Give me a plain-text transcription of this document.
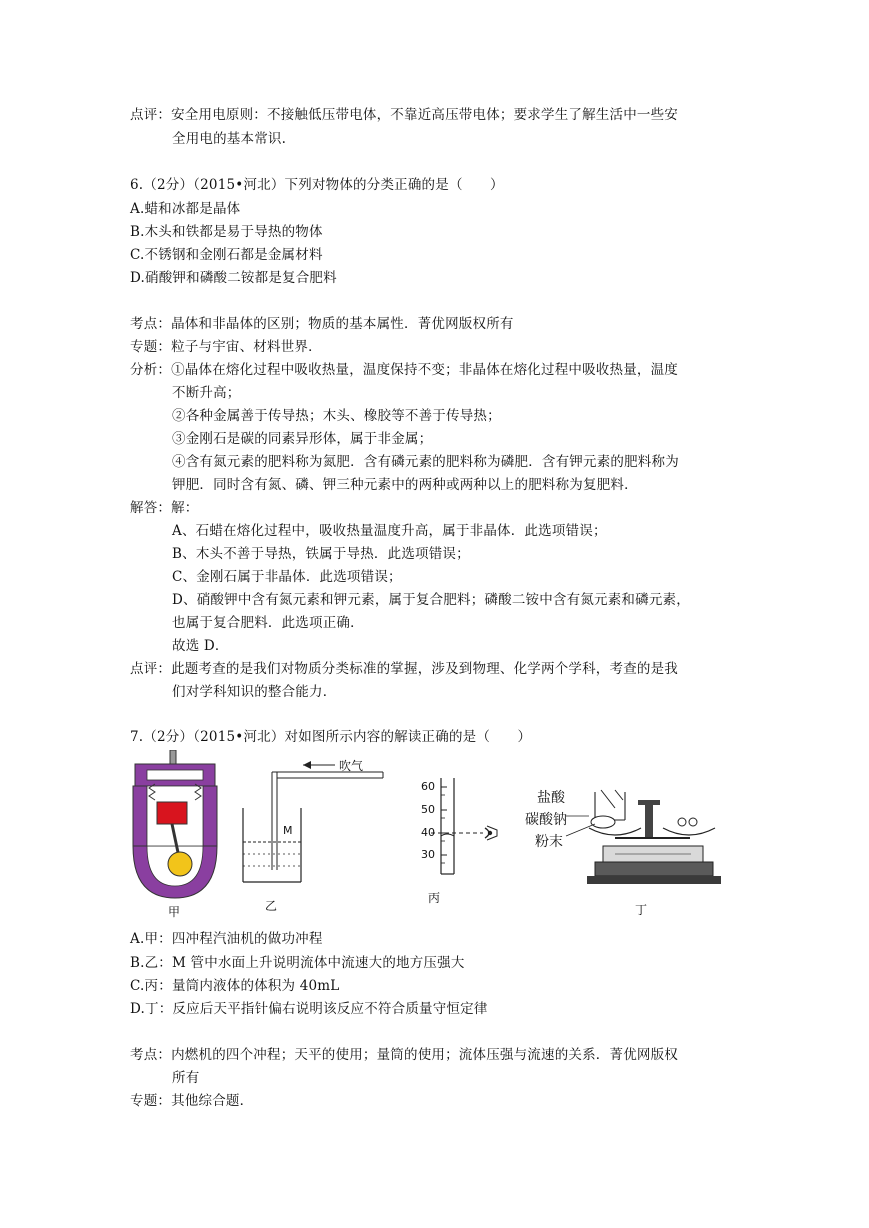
点评：安全用电原则：不接触低压带电体，不靠近高压带电体；要求学生了解生活中一些安
全用电的基本常识.
6.（2分）（2015•河北）下列对物体的分类正确的是（　　）
A.蜡和冰都是晶体
B.木头和铁都是易于导热的物体
C.不锈钢和金刚石都是金属材料
D.硝酸钾和磷酸二铵都是复合肥料
考点：晶体和非晶体的区别；物质的基本属性．菁优网版权所有
专题：粒子与宇宙、材料世界．
分析：①晶体在熔化过程中吸收热量，温度保持不变；非晶体在熔化过程中吸收热量，温度
不断升高；
②各种金属善于传导热；木头、橡胶等不善于传导热；
③金刚石是碳的同素异形体，属于非金属；
④含有氮元素的肥料称为氮肥．含有磷元素的肥料称为磷肥．含有钾元素的肥料称为
钾肥．同时含有氮、磷、钾三种元素中的两种或两种以上的肥料称为复肥料．
解答：解：
A、石蜡在熔化过程中，吸收热量温度升高，属于非晶体．此选项错误；
B、木头不善于导热，铁属于导热．此选项错误；
C、金刚石属于非晶体．此选项错误；
D、硝酸钾中含有氮元素和钾元素，属于复合肥料；磷酸二铵中含有氮元素和磷元素，
也属于复合肥料．此选项正确．
故选 D．
点评：此题考查的是我们对物质分类标准的掌握，涉及到物理、化学两个学科，考查的是我
们对学科知识的整合能力．
7.（2分）（2015•河北）对如图所示内容的解读正确的是（　　）
甲
吹气
M
乙
60
50
40
30
丙
盐酸
碳酸钠
粉末
丁
A.甲：四冲程汽油机的做功冲程
B.乙：M 管中水面上升说明流体中流速大的地方压强大
C.丙：量筒内液体的体积为 40mL
D.丁：反应后天平指针偏右说明该反应不符合质量守恒定律
考点：内燃机的四个冲程；天平的使用；量筒的使用；流体压强与流速的关系．菁优网版权
所有
专题：其他综合题．
